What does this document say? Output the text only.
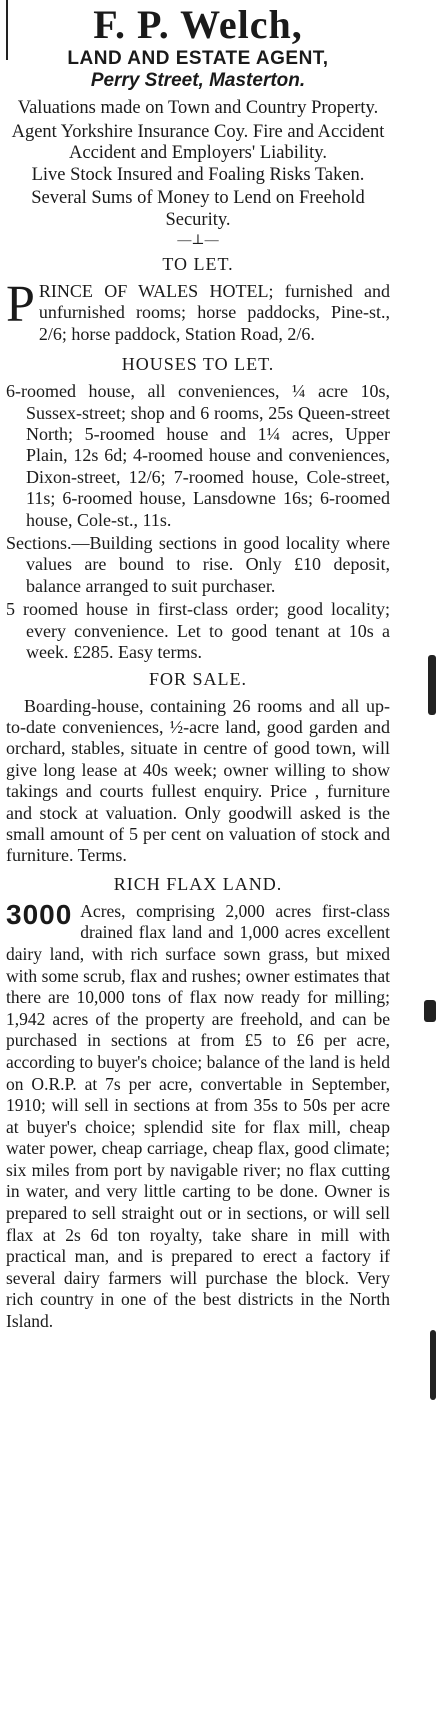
F. P. Welch,
LAND AND ESTATE AGENT,
Perry Street, Masterton.

Valuations made on Town and Country Property.

Agent Yorkshire Insurance Coy. Fire and Accident

Accident and Employers' Liability.

Live Stock Insured and Foaling Risks Taken.

Several Sums of Money to Lend on Freehold Security.

—⊥—
TO LET.

PRINCE OF WALES HOTEL; furnished and unfurnished rooms; horse paddocks, Pine-st., 2/6; horse paddock, Station Road, 2/6.

HOUSES TO LET.

6-roomed house, all conveniences, ¼ acre 10s, Sussex-street; shop and 6 rooms, 25s Queen-street North; 5-roomed house and 1¼ acres, Upper Plain, 12s 6d; 4-roomed house and conveniences, Dixon-street, 12/6; 7-roomed house, Cole-street, 11s; 6-roomed house, Lansdowne 16s; 6-roomed house, Cole-st., 11s.

Sections.—Building sections in good locality where values are bound to rise. Only £10 deposit, balance arranged to suit purchaser.

5 roomed house in first-class order; good locality; every convenience. Let to good tenant at 10s a week. £285. Easy terms.

FOR SALE.

Boarding-house, containing 26 rooms and all up-to-date conveniences, ½-acre land, good garden and orchard, stables, situate in centre of good town, will give long lease at 40s week; owner willing to show takings and courts fullest enquiry. Price , furniture and stock at valuation. Only goodwill asked is the small amount of 5 per cent on valuation of stock and furniture. Terms.

RICH FLAX LAND.

3000 Acres, comprising 2,000 acres first-class drained flax land and 1,000 acres excellent dairy land, with rich surface sown grass, but mixed with some scrub, flax and rushes; owner estimates that there are 10,000 tons of flax now ready for milling; 1,942 acres of the property are freehold, and can be purchased in sections at from £5 to £6 per acre, according to buyer's choice; balance of the land is held on O.R.P. at 7s per acre, convertable in September, 1910; will sell in sections at from 35s to 50s per acre at buyer's choice; splendid site for flax mill, cheap water power, cheap carriage, cheap flax, good climate; six miles from port by navigable river; no flax cutting in water, and very little carting to be done. Owner is prepared to sell straight out or in sections, or will sell flax at 2s 6d ton royalty, take share in mill with practical man, and is prepared to erect a factory if several dairy farmers will purchase the block. Very rich country in one of the best districts in the North Island.
